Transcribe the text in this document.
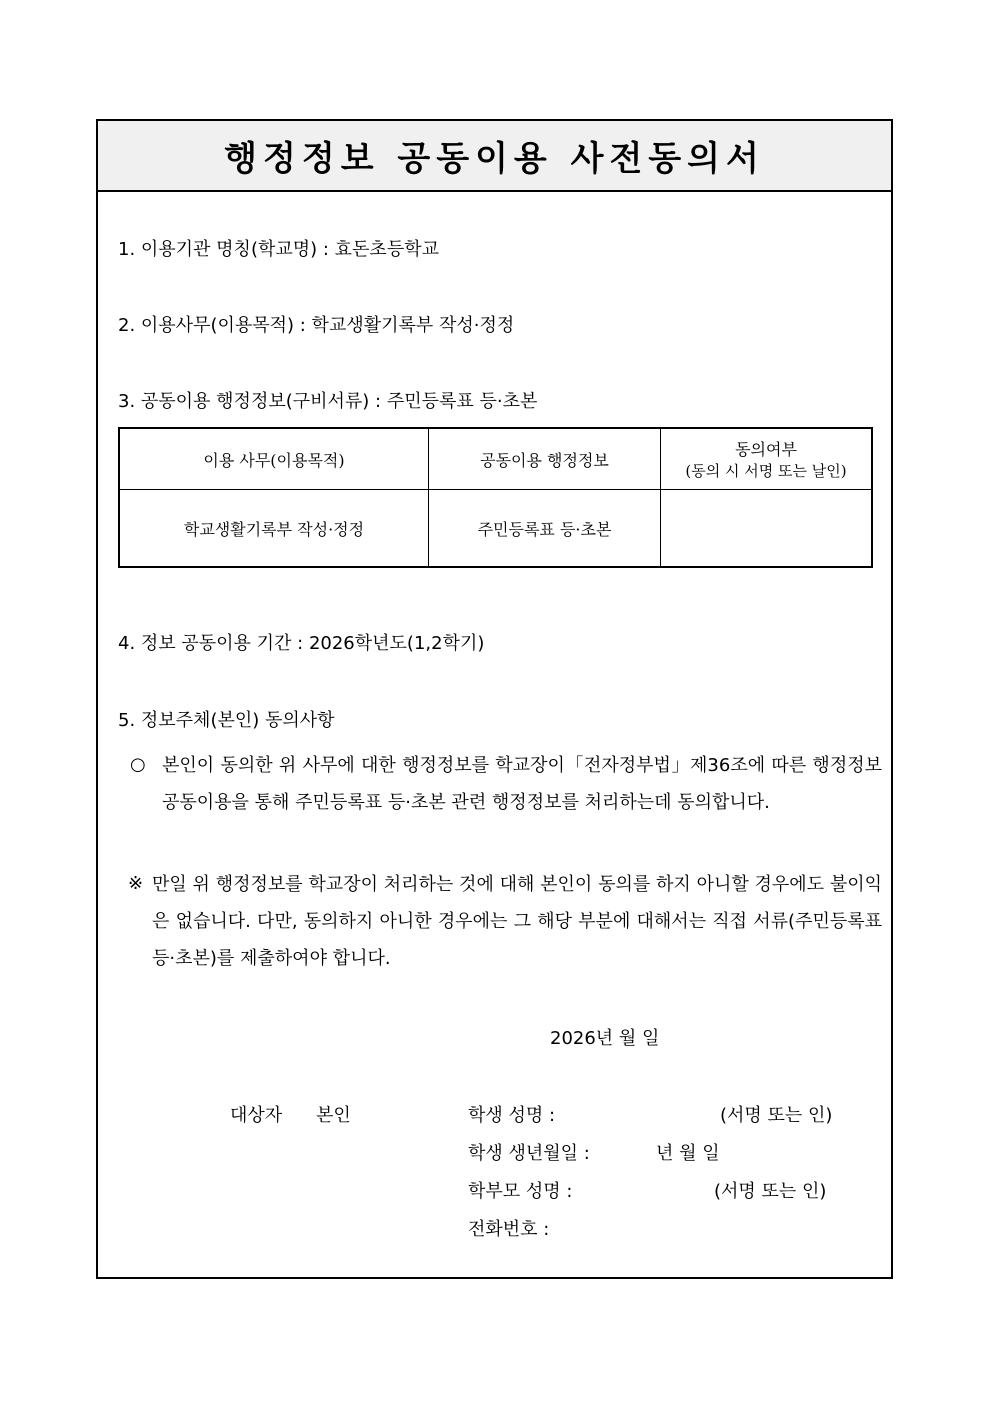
행정정보 공동이용 사전동의서
1. 이용기관 명칭(학교명) : 효돈초등학교
2. 이용사무(이용목적) : 학교생활기록부 작성·정정
3. 공동이용 행정정보(구비서류) : 주민등록표 등·초본
이용 사무(이용목적)	공동이용 행정정보	동의여부
(동의 시 서명 또는 날인)

학교생활기록부 작성·정정	주민등록표 등·초본	
4. 정보 공동이용 기간 : 2026학년도(1,2학기)
5. 정보주체(본인) 동의사항
○ 본인이 동의한 위 사무에 대한 행정정보를 학교장이「전자정부법」제36조에 따른 행정정보 공동이용을 통해 주민등록표 등·초본 관련 행정정보를 처리하는데 동의합니다.
※ 만일 위 행정정보를 학교장이 처리하는 것에 대해 본인이 동의를 하지 아니할 경우에도 불이익은 없습니다. 다만, 동의하지 아니한 경우에는 그 해당 부분에 대해서는 직접 서류(주민등록표 등·초본)를 제출하여야 합니다.
2026년 월 일
대상자 본인	학생 성명 :	(서명 또는 인)
학생 생년월일 :	년 월 일
학부모 성명 :	(서명 또는 인)
전화번호 :
